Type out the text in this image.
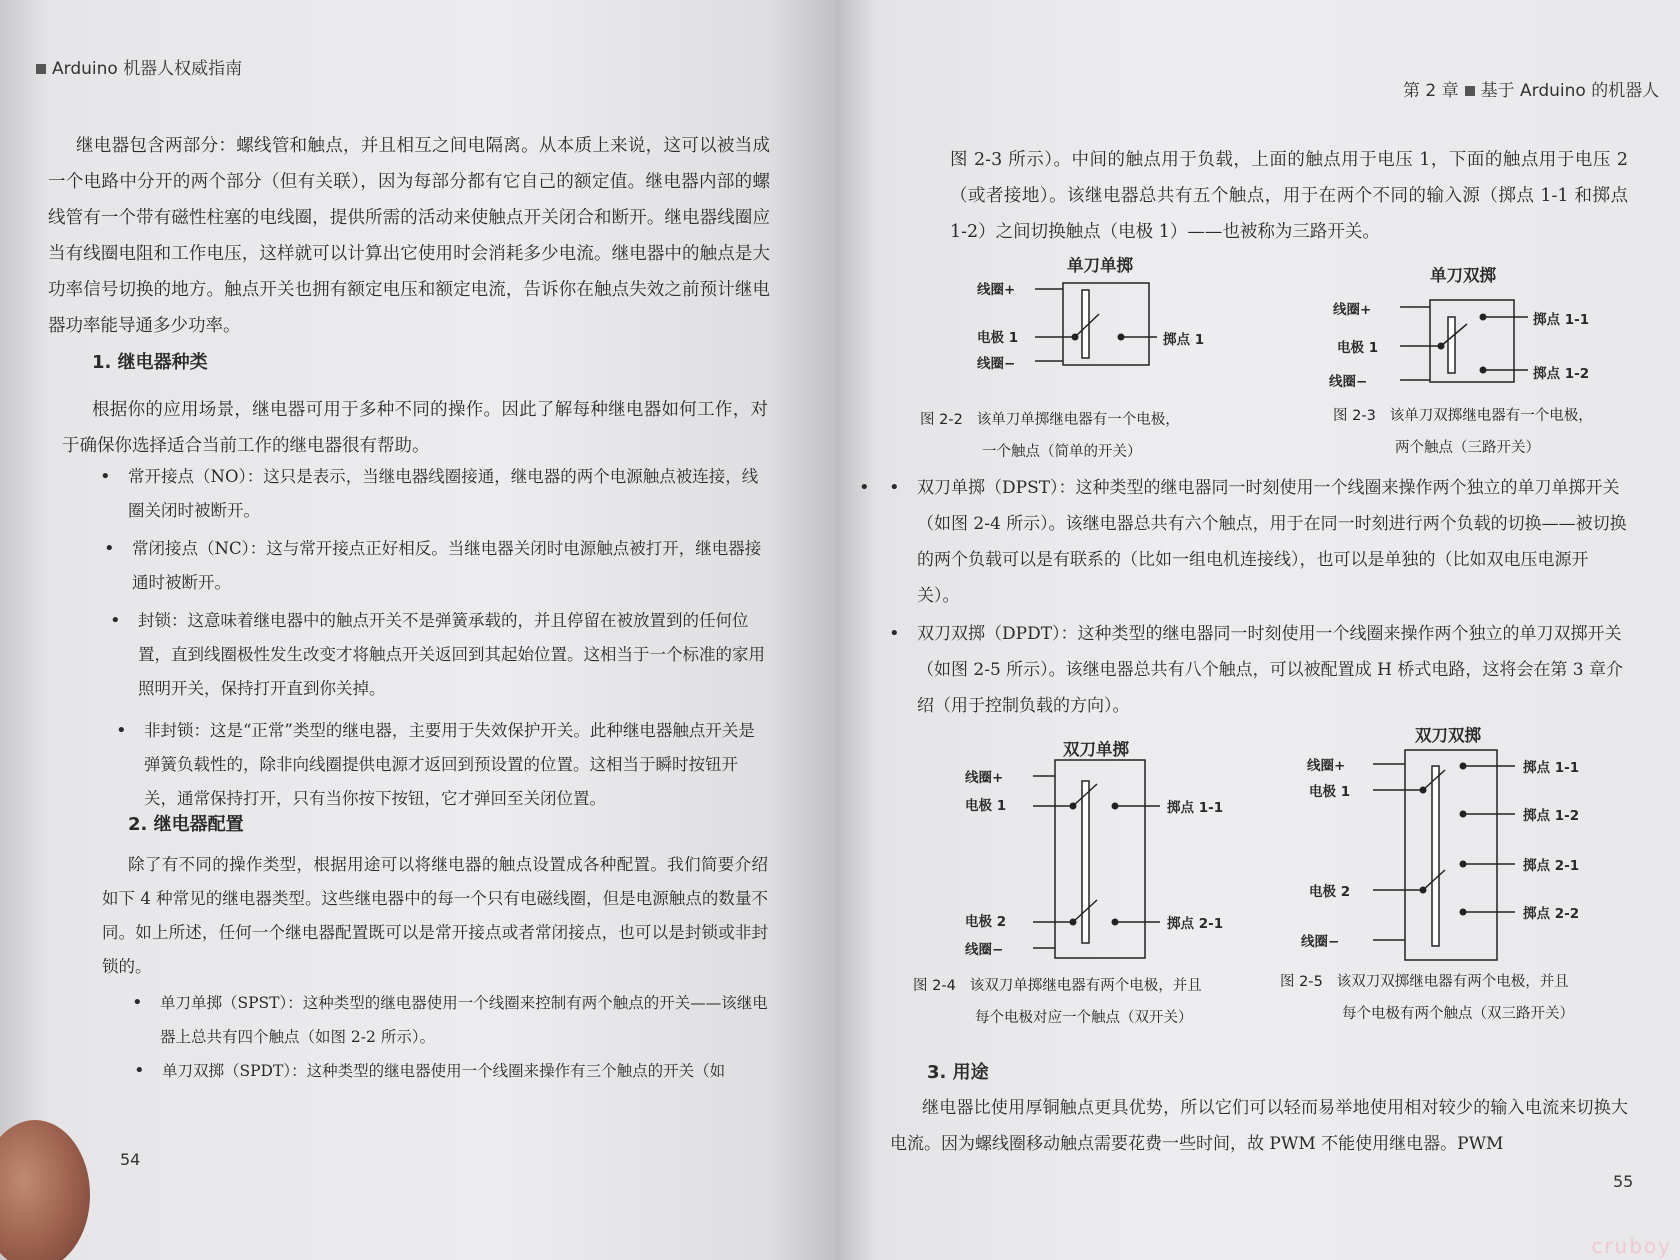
Arduino 机器人权威指南

继电器包含两部分：螺线管和触点，并且相互之间电隔离。从本质上来说，这可以被当成一个电路中分开的两个部分（但有关联），因为每部分都有它自己的额定值。继电器内部的螺线管有一个带有磁性柱塞的电线圈，提供所需的活动来使触点开关闭合和断开。继电器线圈应当有线圈电阻和工作电压，这样就可以计算出它使用时会消耗多少电流。继电器中的触点是大功率信号切换的地方。触点开关也拥有额定电压和额定电流，告诉你在触点失效之前预计继电器功率能导通多少功率。

1. 继电器种类

根据你的应用场景，继电器可用于多种不同的操作。因此了解每种继电器如何工作，对于确保你选择适合当前工作的继电器很有帮助。

• 常开接点（NO）：这只是表示，当继电器线圈接通，继电器的两个电源触点被连接，线圈关闭时被断开。

• 常闭接点（NC）：这与常开接点正好相反。当继电器关闭时电源触点被打开，继电器接通时被断开。

• 封锁：这意味着继电器中的触点开关不是弹簧承载的，并且停留在被放置到的任何位置，直到线圈极性发生改变才将触点开关返回到其起始位置。这相当于一个标准的家用照明开关，保持打开直到你关掉。

• 非封锁：这是“正常”类型的继电器，主要用于失效保护开关。此种继电器触点开关是弹簧负载性的，除非向线圈提供电源才返回到预设置的位置。这相当于瞬时按钮开关，通常保持打开，只有当你按下按钮，它才弹回至关闭位置。

2. 继电器配置

除了有不同的操作类型，根据用途可以将继电器的触点设置成各种配置。我们简要介绍如下 4 种常见的继电器类型。这些继电器中的每一个只有电磁线圈，但是电源触点的数量不同。如上所述，任何一个继电器配置既可以是常开接点或者常闭接点，也可以是封锁或非封锁的。

• 单刀单掷（SPST）：这种类型的继电器使用一个线圈来控制有两个触点的开关——该继电器上总共有四个触点（如图 2-2 所示）。

• 单刀双掷（SPDT）：这种类型的继电器使用一个线圈来操作有三个触点的开关（如

54
第 2 章 基于 Arduino 的机器人

图 2-3 所示）。中间的触点用于负载，上面的触点用于电压 1，下面的触点用于电压 2（或者接地）。该继电器总共有五个触点，用于在两个不同的输入源（掷点 1-1 和掷点 1-2）之间切换触点（电极 1）——也被称为三路开关。

单刀单掷
线圈+
电极 1
线圈−
掷点 1
图 2-2 该单刀单掷继电器有一个电极，
一个触点（简单的开关）
单刀双掷
线圈+
电极 1
线圈−
掷点 1-1
掷点 1-2
图 2-3 该单刀双掷继电器有一个电极，
两个触点（三路开关）

• 双刀单掷（DPST）：这种类型的继电器同一时刻使用一个线圈来操作两个独立的单刀单掷开关（如图 2-4 所示）。该继电器总共有六个触点，用于在同一时刻进行两个负载的切换——被切换的两个负载可以是有联系的（比如一组电机连接线），也可以是单独的（比如双电压电源开关）。

• 双刀双掷（DPDT）：这种类型的继电器同一时刻使用一个线圈来操作两个独立的单刀双掷开关（如图 2-5 所示）。该继电器总共有八个触点，可以被配置成 H 桥式电路，这将会在第 3 章介绍（用于控制负载的方向）。

双刀单掷
线圈+
电极 1	掷点 1-1
电极 2	掷点 2-1
线圈−
图 2-4 该双刀单掷继电器有两个电极，并且
每个电极对应一个触点（双开关）
双刀双掷
线圈+
电极 1
掷点 1-1
掷点 1-2
掷点 2-1
电极 2
掷点 2-2
线圈−
图 2-5 该双刀双掷继电器有两个电极，并且
每个电极有两个触点（双三路开关）
3. 用途

继电器比使用厚铜触点更具优势，所以它们可以轻而易举地使用相对较少的输入电流来切换大电流。因为螺线圈移动触点需要花费一些时间，故 PWM 不能使用继电器。PWM

55
cruboy
